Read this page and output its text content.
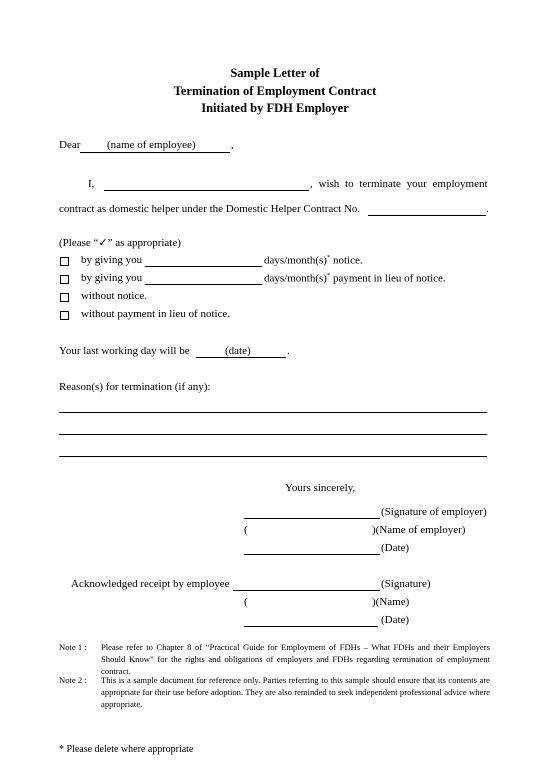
Sample Letter of
Termination of Employment Contract
Initiated by FDH Employer
Dear (name of employee)	,
I,	, wish to terminate your employment
contract as domestic helper under the Domestic Helper Contract No.	.
(Please “✓” as appropriate)
by giving you	days/month(s)* notice.
by giving you	days/month(s)* payment in lieu of notice.
without notice.
without payment in lieu of notice.
Your last working day will be	(date)	.
Reason(s) for termination (if any):
Yours sincerely,
(Signature of employer)
(	)(Name of employer)
(Date)
Acknowledged receipt by employee	(Signature)
(	)(Name)
(Date)
Note 1 : Please refer to Chapter 8 of “Practical Guide for Employment of FDHs – What FDHs and their Employers Should Know” for the rights and obligations of employers and FDHs regarding termination of employment contract.
Note 2 : This is a sample document for reference only. Parties referring to this sample should ensure that its contents are appropriate for their use before adoption. They are also reminded to seek independent professional advice where appropriate.
* Please delete where appropriate
